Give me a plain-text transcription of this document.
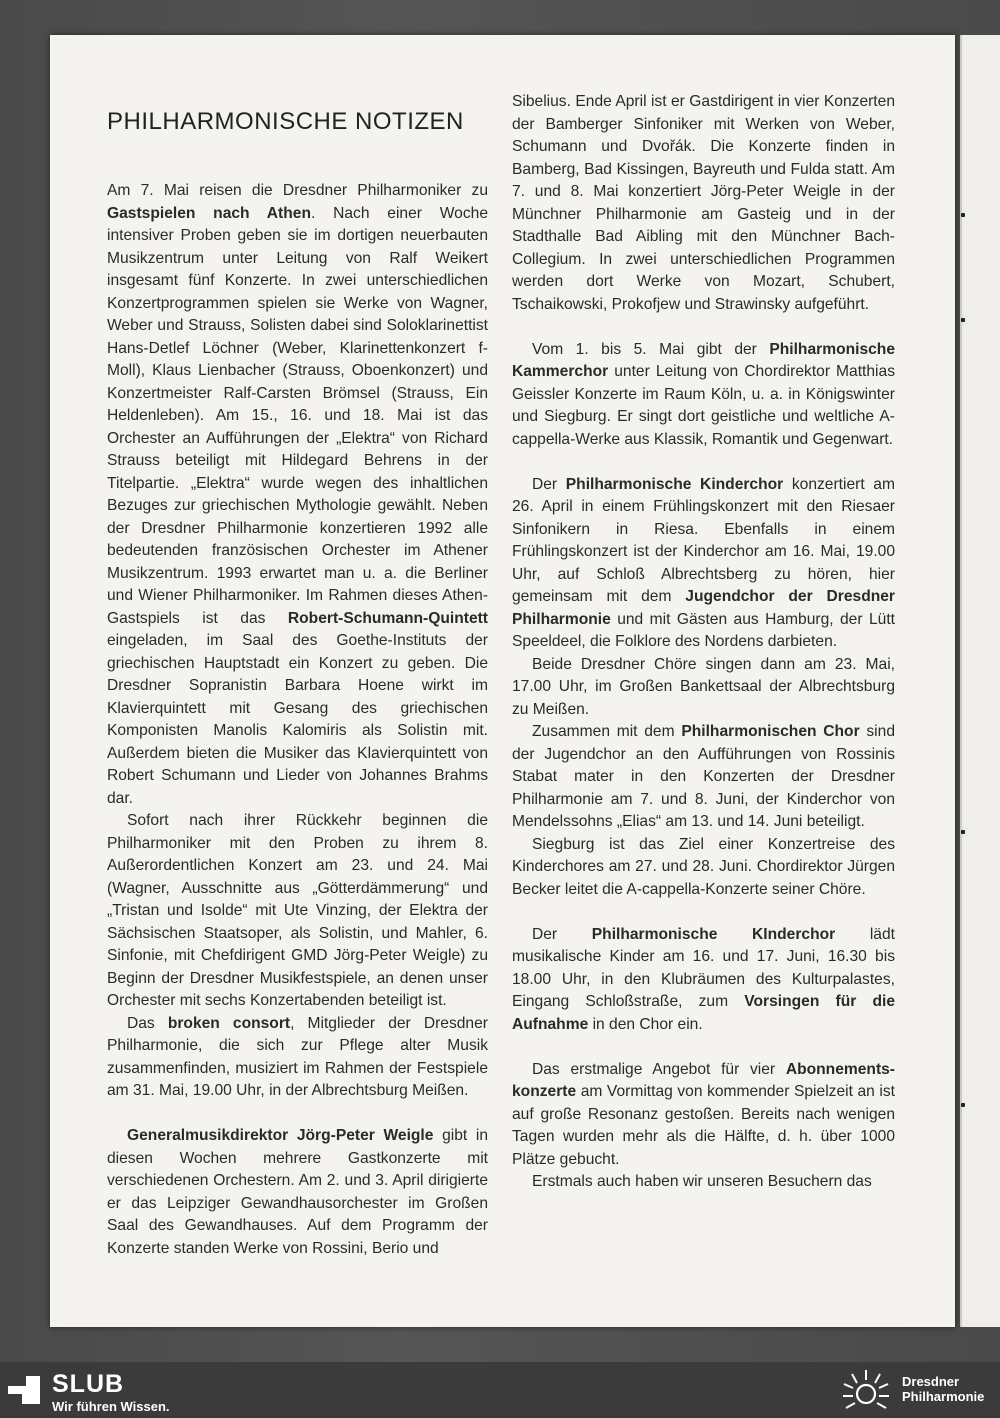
PHILHARMONISCHE NOTIZEN

Am 7. Mai reisen die Dresdner Philharmoniker zu Gastspielen nach Athen. Nach einer Woche intensiver Proben geben sie im dortigen neuerbauten Musikzentrum unter Leitung von Ralf Weikert insgesamt fünf Konzerte. In zwei unterschiedlichen Konzertprogrammen spielen sie Werke von Wagner, Weber und Strauss, Solisten dabei sind Soloklarinettist Hans-Detlef Löchner (Weber, Klarinettenkonzert f-Moll), Klaus Lienbacher (Strauss, Oboenkonzert) und Konzertmeister Ralf-Carsten Brömsel (Strauss, Ein Heldenleben). Am 15., 16. und 18. Mai ist das Orchester an Aufführungen der „Elektra“ von Richard Strauss beteiligt mit Hildegard Behrens in der Titelpartie. „Elektra“ wurde wegen des inhaltlichen Bezuges zur griechischen Mythologie gewählt. Neben der Dresdner Philharmonie konzertieren 1992 alle bedeutenden französischen Orchester im Athener Musikzentrum. 1993 erwartet man u. a. die Berliner und Wiener Philharmoniker. Im Rahmen dieses Athen-Gastspiels ist das Robert-Schumann-Quintett eingeladen, im Saal des Goethe-Instituts der griechischen Hauptstadt ein Konzert zu geben. Die Dresdner Sopranistin Barbara Hoene wirkt im Klavierquintett mit Gesang des griechischen Komponisten Manolis Kalomiris als Solistin mit. Außerdem bieten die Musiker das Klavierquintett von Robert Schumann und Lieder von Johannes Brahms dar.

Sofort nach ihrer Rückkehr beginnen die Philharmoniker mit den Proben zu ihrem 8. Außerordentlichen Konzert am 23. und 24. Mai (Wagner, Ausschnitte aus „Götterdämmerung“ und „Tristan und Isolde“ mit Ute Vinzing, der Elektra der Sächsischen Staatsoper, als Solistin, und Mahler, 6. Sinfonie, mit Chefdirigent GMD Jörg-Peter Weigle) zu Beginn der Dresdner Musikfestspiele, an denen unser Orchester mit sechs Konzertabenden beteiligt ist.

Das broken consort, Mitglieder der Dresdner Philharmonie, die sich zur Pflege alter Musik zusammenfinden, musiziert im Rahmen der Festspiele am 31. Mai, 19.00 Uhr, in der Albrechtsburg Meißen.

Generalmusikdirektor Jörg-Peter Weigle gibt in diesen Wochen mehrere Gastkonzerte mit verschiedenen Orchestern. Am 2. und 3. April dirigierte er das Leipziger Gewandhausorchester im Großen Saal des Gewandhauses. Auf dem Programm der Konzerte standen Werke von Rossini, Berio und

Sibelius. Ende April ist er Gastdirigent in vier Konzerten der Bamberger Sinfoniker mit Werken von Weber, Schumann und Dvořák. Die Konzerte finden in Bamberg, Bad Kissingen, Bayreuth und Fulda statt. Am 7. und 8. Mai konzertiert Jörg-Peter Weigle in der Münchner Philharmonie am Gasteig und in der Stadthalle Bad Aibling mit den Münchner Bach-Collegium. In zwei unterschiedlichen Programmen werden dort Werke von Mozart, Schubert, Tschaikowski, Prokofjew und Strawinsky aufgeführt.

Vom 1. bis 5. Mai gibt der Philharmonische Kammerchor unter Leitung von Chordirektor Matthias Geissler Konzerte im Raum Köln, u. a. in Königswinter und Siegburg. Er singt dort geistliche und weltliche A-cappella-Werke aus Klassik, Romantik und Gegenwart.

Der Philharmonische Kinderchor konzertiert am 26. April in einem Frühlingskonzert mit den Riesaer Sinfonikern in Riesa. Ebenfalls in einem Frühlingskonzert ist der Kinderchor am 16. Mai, 19.00 Uhr, auf Schloß Albrechtsberg zu hören, hier gemeinsam mit dem Jugendchor der Dresdner Philharmonie und mit Gästen aus Hamburg, der Lütt Speeldeel, die Folklore des Nordens darbieten.

Beide Dresdner Chöre singen dann am 23. Mai, 17.00 Uhr, im Großen Bankettsaal der Albrechtsburg zu Meißen.

Zusammen mit dem Philharmonischen Chor sind der Jugendchor an den Aufführungen von Rossinis Stabat mater in den Konzerten der Dresdner Philharmonie am 7. und 8. Juni, der Kinderchor von Mendelssohns „Elias“ am 13. und 14. Juni beteiligt.

Siegburg ist das Ziel einer Konzertreise des Kinderchores am 27. und 28. Juni. Chordirektor Jürgen Becker leitet die A-cappella-Konzerte seiner Chöre.

Der Philharmonische KInderchor lädt musikalische Kinder am 16. und 17. Juni, 16.30 bis 18.00 Uhr, in den Klubräumen des Kulturpalastes, Eingang Schloßstraße, zum Vorsingen für die Aufnahme in den Chor ein.

Das erstmalige Angebot für vier Abonnements-konzerte am Vormittag von kommender Spielzeit an ist auf große Resonanz gestoßen. Bereits nach wenigen Tagen wurden mehr als die Hälfte, d. h. über 1000 Plätze gebucht.

Erstmals auch haben wir unseren Besuchern das

SLUB
Wir führen Wissen.
Dresdner
Philharmonie
